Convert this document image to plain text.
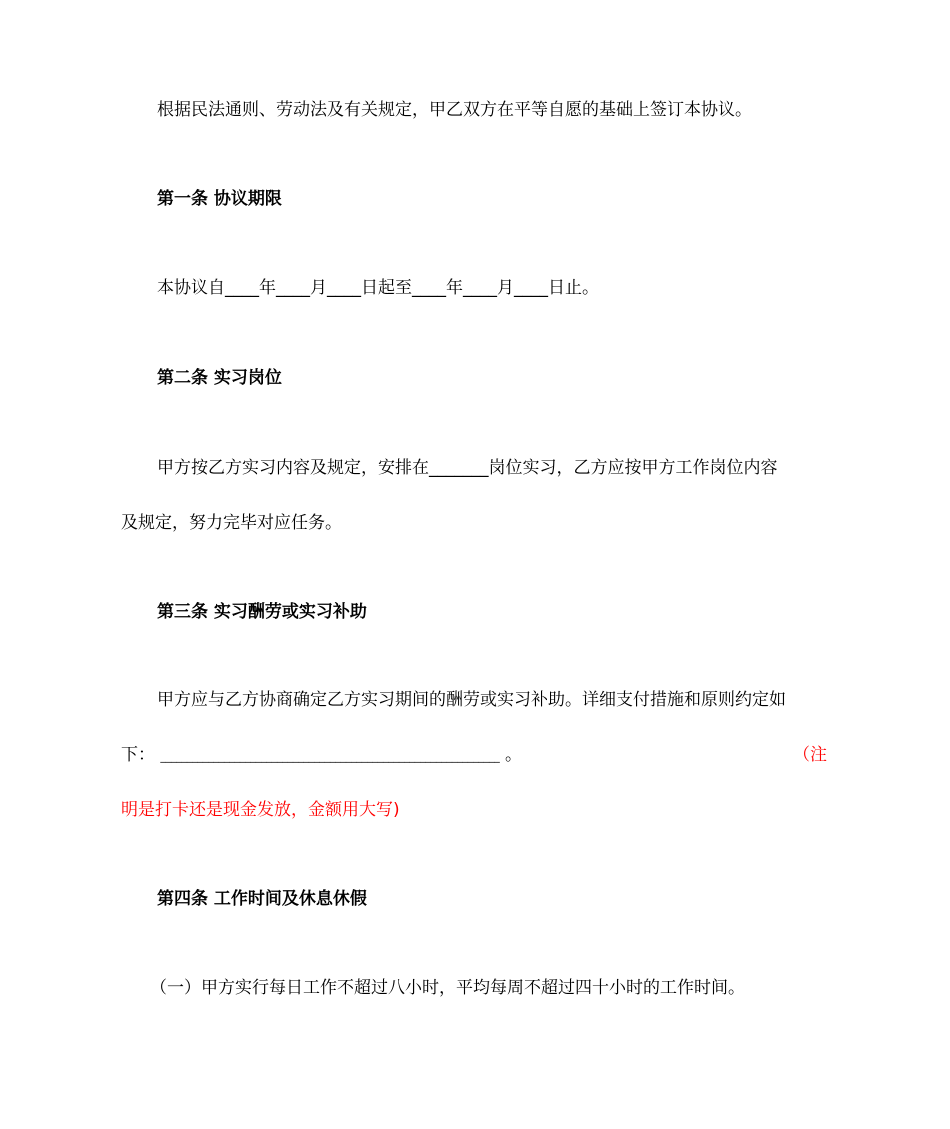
根据民法通则、劳动法及有关规定，甲乙双方在平等自愿的基础上签订本协议。
第一条 协议期限
本协议自____年____月____日起至____年____月____日止。
第二条 实习岗位
甲方按乙方实习内容及规定，安排在_______岗位实习，乙方应按甲方工作岗位内容
及规定，努力完毕对应任务。
第三条 实习酬劳或实习补助
甲方应与乙方协商确定乙方实习期间的酬劳或实习补助。详细支付措施和原则约定如
下： ________________________________________________________________ 。	（注
明是打卡还是现金发放，金额用大写)
第四条 工作时间及休息休假
（一）甲方实行每日工作不超过八小时，平均每周不超过四十小时的工作时间。
